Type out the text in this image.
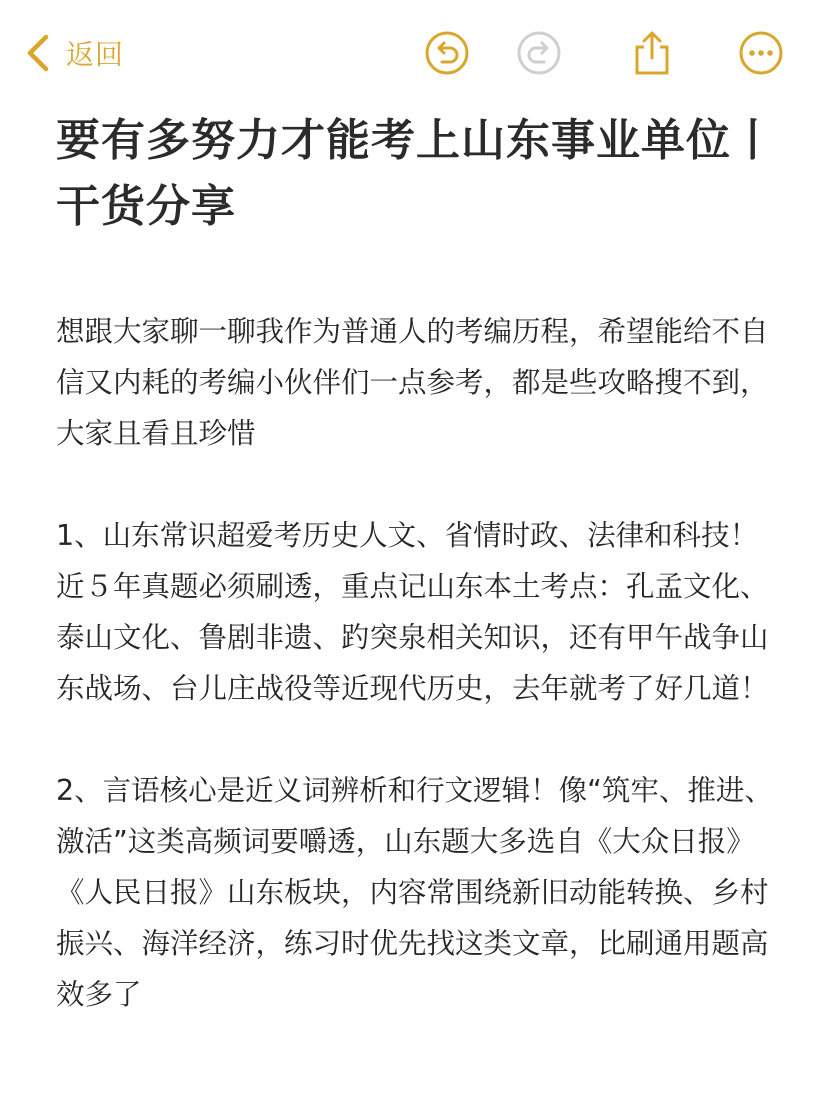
返回
要有多努力才能考上山东事业单位丨干货分享

想跟大家聊一聊我作为普通人的考编历程，希望能给不自信又内耗的考编小伙伴们一点参考，都是些攻略搜不到，大家且看且珍惜

1、山东常识超爱考历史人文、省情时政、法律和科技！近５年真题必须刷透，重点记山东本土考点：孔孟文化、泰山文化、鲁剧非遗、趵突泉相关知识，还有甲午战争山东战场、台儿庄战役等近现代历史，去年就考了好几道！

2、言语核心是近义词辨析和行文逻辑！像“筑牢、推进、激活”这类高频词要嚼透，山东题大多选自《大众日报》《人民日报》山东板块，内容常围绕新旧动能转换、乡村振兴、海洋经济，练习时优先找这类文章，比刷通用题高效多了
